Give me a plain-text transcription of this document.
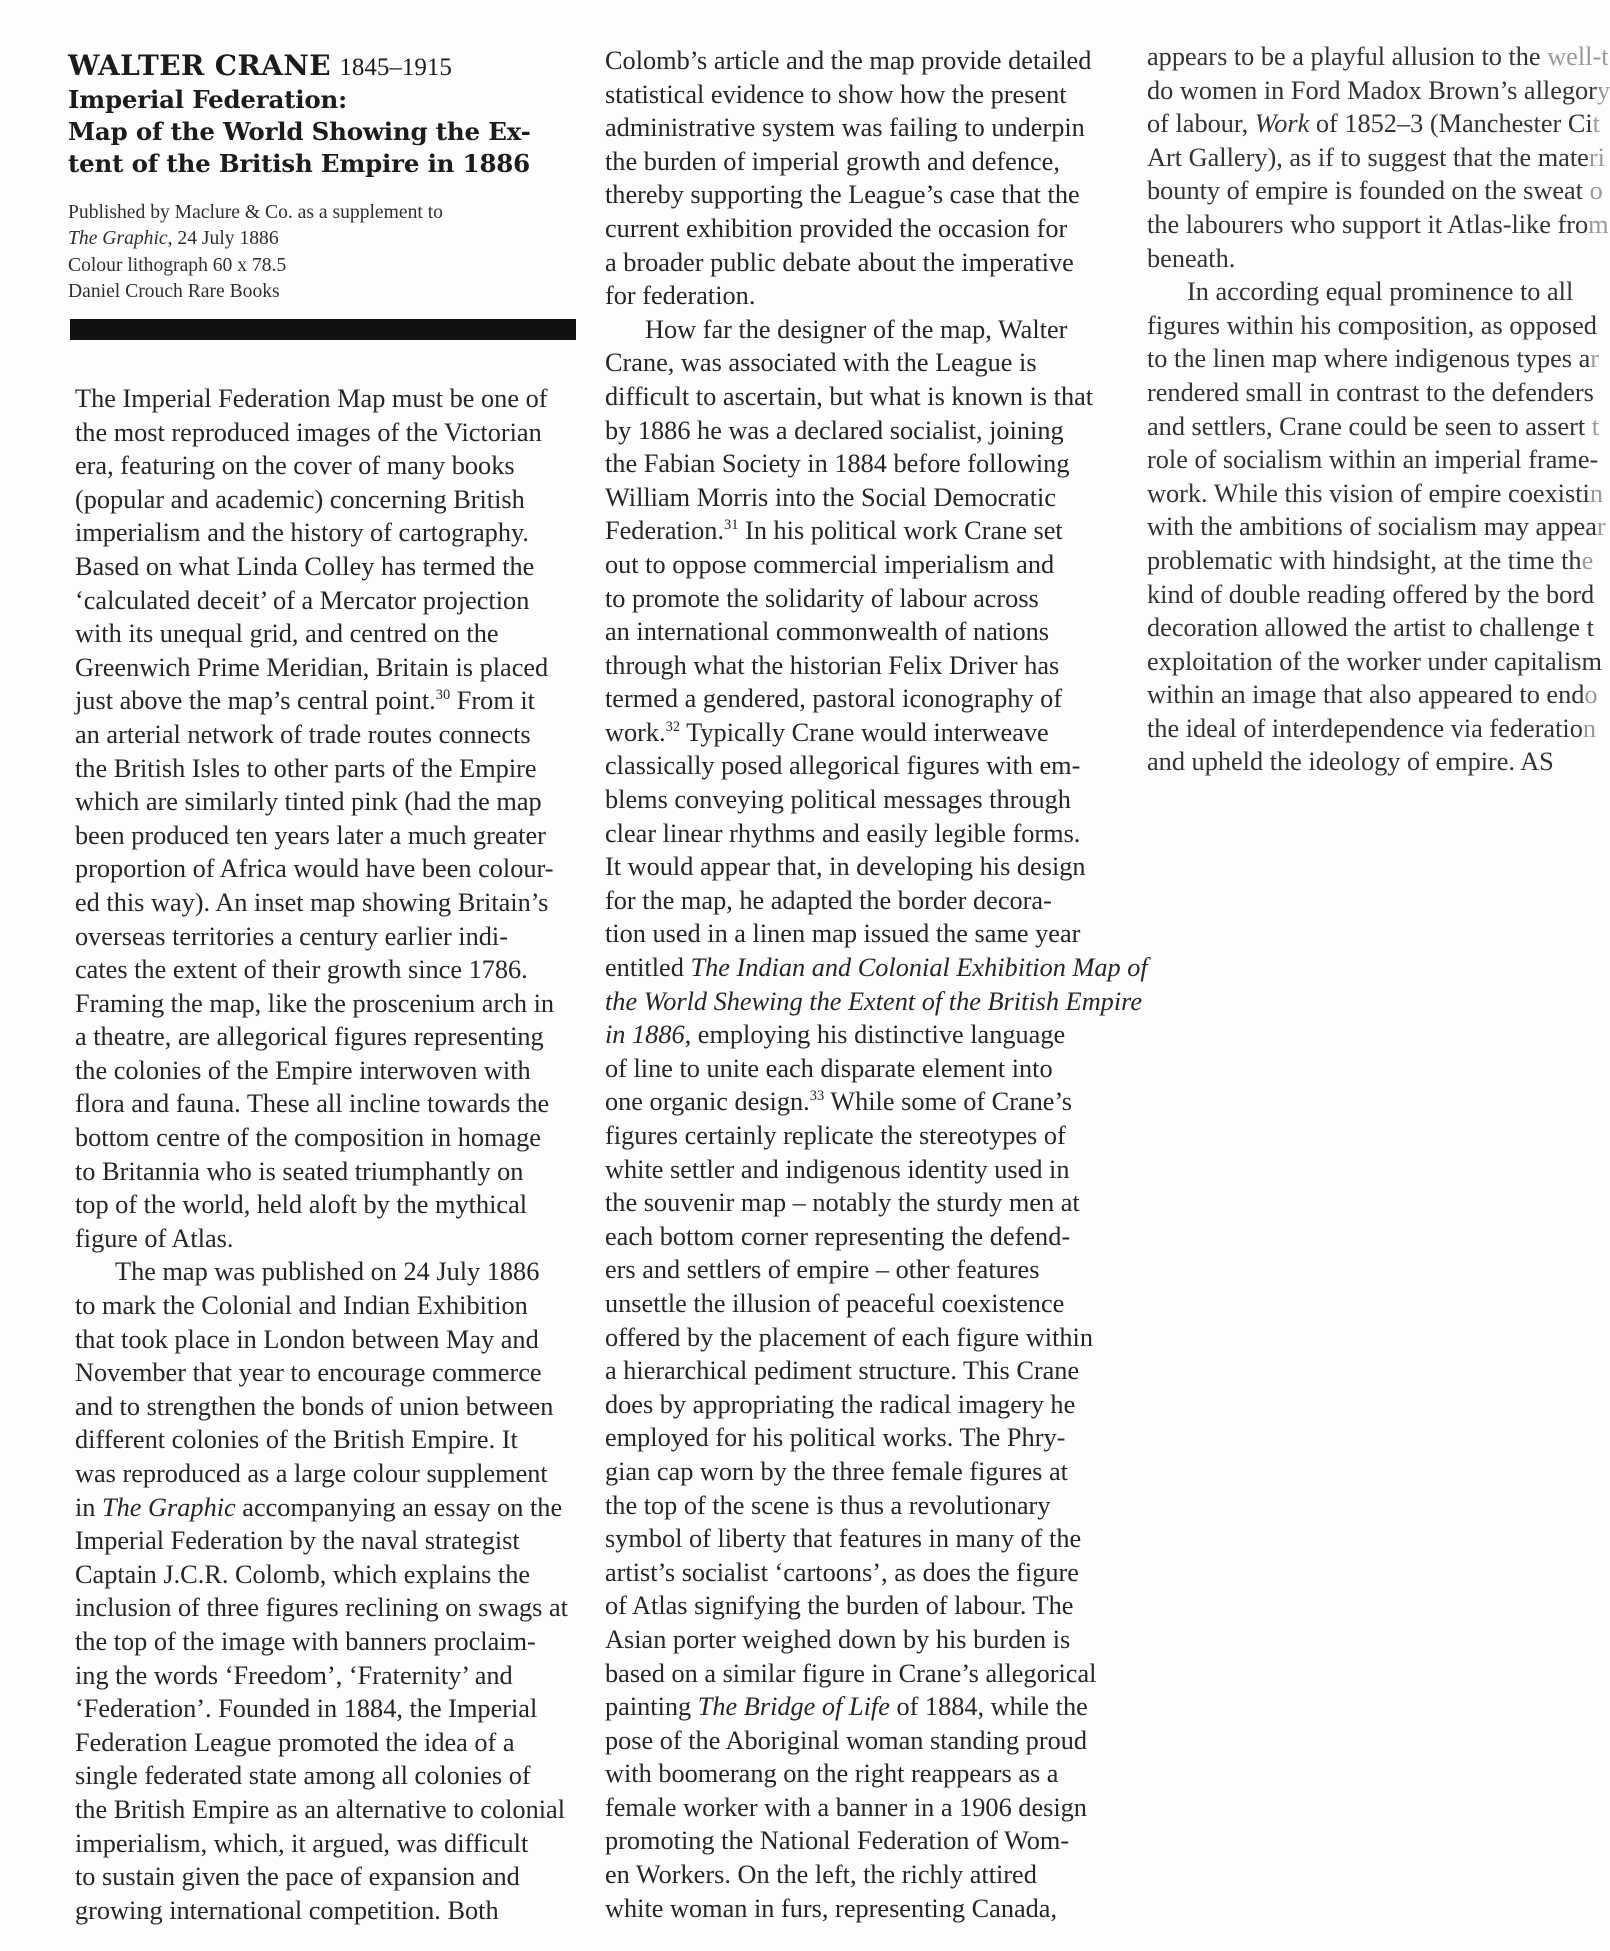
WALTER CRANE 1845–1915
Imperial Federation:
Map of the World Showing the Ex-
tent of the British Empire in 1886
Published by Maclure & Co. as a supplement to
The Graphic, 24 July 1886
Colour lithograph 60 x 78.5
Daniel Crouch Rare Books

The Imperial Federation Map must be one of

the most reproduced images of the Victorian

era, featuring on the cover of many books

(popular and academic) concerning British

imperialism and the history of cartography.

Based on what Linda Colley has termed the

‘calculated deceit’ of a Mercator projection

with its unequal grid, and centred on the

Greenwich Prime Meridian, Britain is placed

just above the map’s central point.$^{30}$ From it

an arterial network of trade routes connects

the British Isles to other parts of the Empire

which are similarly tinted pink (had the map

been produced ten years later a much greater

proportion of Africa would have been colour-

ed this way). An inset map showing Britain’s

overseas territories a century earlier indi-

cates the extent of their growth since 1786.

Framing the map, like the proscenium arch in

a theatre, are allegorical figures representing

the colonies of the Empire interwoven with

flora and fauna. These all incline towards the

bottom centre of the composition in homage

to Britannia who is seated triumphantly on

top of the world, held aloft by the mythical

figure of Atlas.

The map was published on 24 July 1886

to mark the Colonial and Indian Exhibition

that took place in London between May and

November that year to encourage commerce

and to strengthen the bonds of union between

different colonies of the British Empire. It

was reproduced as a large colour supplement

in The Graphic accompanying an essay on the

Imperial Federation by the naval strategist

Captain J.C.R. Colomb, which explains the

inclusion of three figures reclining on swags at

the top of the image with banners proclaim-

ing the words ‘Freedom’, ‘Fraternity’ and

‘Federation’. Founded in 1884, the Imperial

Federation League promoted the idea of a

single federated state among all colonies of

the British Empire as an alternative to colonial

imperialism, which, it argued, was difficult

to sustain given the pace of expansion and

growing international competition. Both

Colomb’s article and the map provide detailed

statistical evidence to show how the present

administrative system was failing to underpin

the burden of imperial growth and defence,

thereby supporting the League’s case that the

current exhibition provided the occasion for

a broader public debate about the imperative

for federation.

How far the designer of the map, Walter

Crane, was associated with the League is

difficult to ascertain, but what is known is that

by 1886 he was a declared socialist, joining

the Fabian Society in 1884 before following

William Morris into the Social Democratic

Federation.$^{31}$ In his political work Crane set

out to oppose commercial imperialism and

to promote the solidarity of labour across

an international commonwealth of nations

through what the historian Felix Driver has

termed a gendered, pastoral iconography of

work.$^{32}$ Typically Crane would interweave

classically posed allegorical figures with em-

blems conveying political messages through

clear linear rhythms and easily legible forms.

It would appear that, in developing his design

for the map, he adapted the border decora-

tion used in a linen map issued the same year

entitled The Indian and Colonial Exhibition Map of

the World Shewing the Extent of the British Empire

in 1886, employing his distinctive language

of line to unite each disparate element into

one organic design.$^{33}$ While some of Crane’s

figures certainly replicate the stereotypes of

white settler and indigenous identity used in

the souvenir map – notably the sturdy men at

each bottom corner representing the defend-

ers and settlers of empire – other features

unsettle the illusion of peaceful coexistence

offered by the placement of each figure within

a hierarchical pediment structure. This Crane

does by appropriating the radical imagery he

employed for his political works. The Phry-

gian cap worn by the three female figures at

the top of the scene is thus a revolutionary

symbol of liberty that features in many of the

artist’s socialist ‘cartoons’, as does the figure

of Atlas signifying the burden of labour. The

Asian porter weighed down by his burden is

based on a similar figure in Crane’s allegorical

painting The Bridge of Life of 1884, while the

pose of the Aboriginal woman standing proud

with boomerang on the right reappears as a

female worker with a banner in a 1906 design

promoting the National Federation of Wom-

en Workers. On the left, the richly attired

white woman in furs, representing Canada,

appears to be a playful allusion to the well-t

do women in Ford Madox Brown’s allegory

of labour, Work of 1852–3 (Manchester Cit

Art Gallery), as if to suggest that the materi

bounty of empire is founded on the sweat o

the labourers who support it Atlas-like from

beneath.

In according equal prominence to all

figures within his composition, as opposed

to the linen map where indigenous types ar

rendered small in contrast to the defenders

and settlers, Crane could be seen to assert t

role of socialism within an imperial frame-

work. While this vision of empire coexistin

with the ambitions of socialism may appear

problematic with hindsight, at the time the

kind of double reading offered by the bord

decoration allowed the artist to challenge t

exploitation of the worker under capitalism

within an image that also appeared to endo

the ideal of interdependence via federation

and upheld the ideology of empire. AS
